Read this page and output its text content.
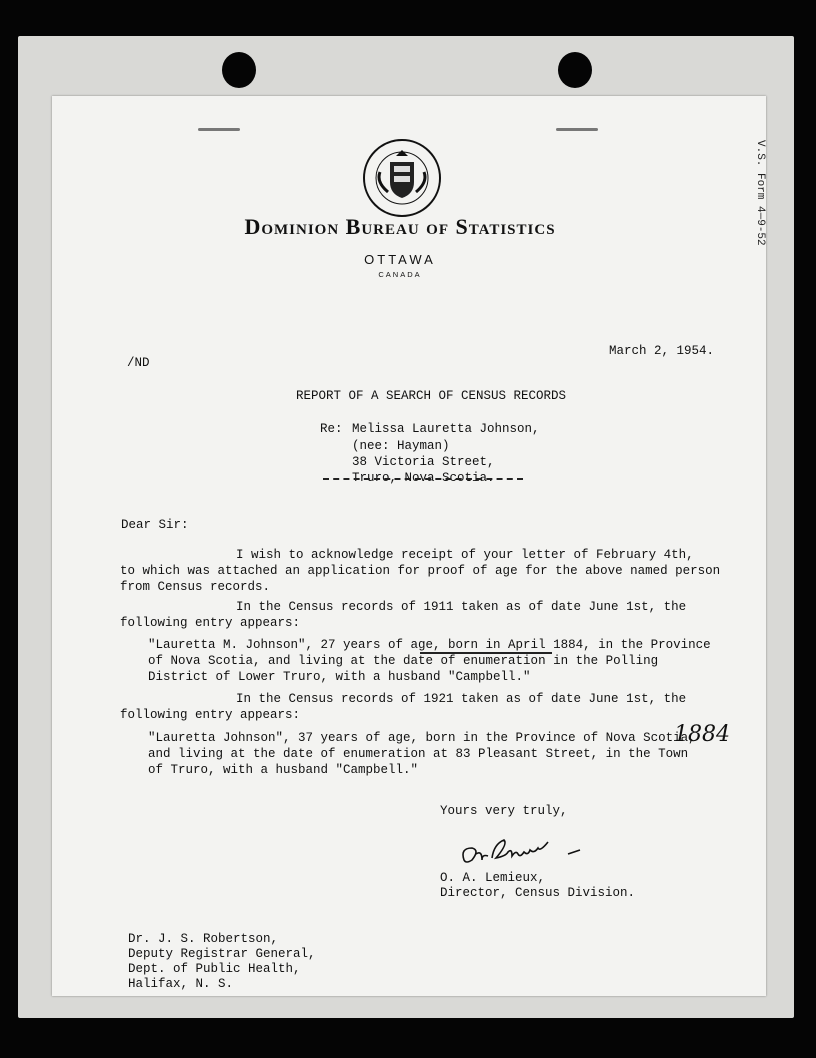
V.S. Form 4—9-52
Dominion Bureau of Statistics
OTTAWA
CANADA
March 2, 1954.
/ND
REPORT OF A SEARCH OF CENSUS RECORDS
Re: Melissa Lauretta Johnson,
(nee: Hayman)
38 Victoria Street,
Truro, Nova Scotia.
Dear Sir:
I wish to acknowledge receipt of your letter of February 4th,
to which was attached an application for proof of age for the above named person
from Census records.
In the Census records of 1911 taken as of date June 1st, the
following entry appears:
"Lauretta M. Johnson", 27 years of age, born in April 1884, in the Province
of Nova Scotia, and living at the date of enumeration in the Polling
District of Lower Truro, with a husband "Campbell."
In the Census records of 1921 taken as of date June 1st, the
following entry appears:
"Lauretta Johnson", 37 years of age, born in the Province of Nova Scotia,
and living at the date of enumeration at 83 Pleasant Street, in the Town
of Truro, with a husband "Campbell."
1884
Yours very truly,
O. A. Lemieux,
Director, Census Division.
Dr. J. S. Robertson,
Deputy Registrar General,
Dept. of Public Health,
Halifax, N. S.
